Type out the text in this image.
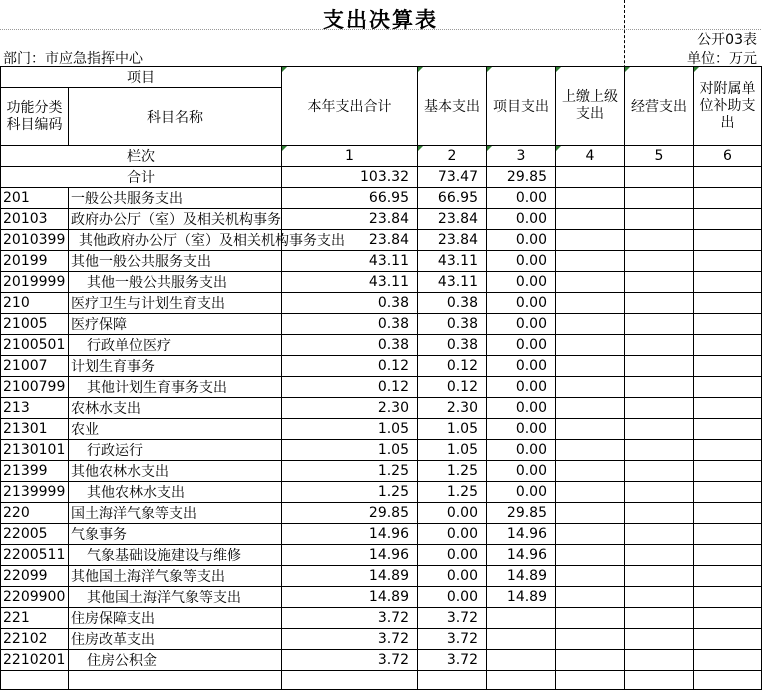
支出决算表
公开03表
部门：市应急指挥中心	单位：万元
项目		本年支出合计	基本支出	项目支出	上缴上级支出	经营支出	对附属单位补助支出
功能分类科目编码	科目名称						
栏次		1	2	3	4	5	6
合计		103.32	73.47	29.85			
201	一般公共服务支出	66.95	66.95	0.00			
20103	政府办公厅（室）及相关机构事务	23.84	23.84	0.00			
2010399	其他政府办公厅（室）及相关机构事务支出	23.84	23.84	0.00			
20199	其他一般公共服务支出	43.11	43.11	0.00			
2019999	其他一般公共服务支出	43.11	43.11	0.00			
210	医疗卫生与计划生育支出	0.38	0.38	0.00			
21005	医疗保障	0.38	0.38	0.00			
2100501	行政单位医疗	0.38	0.38	0.00			
21007	计划生育事务	0.12	0.12	0.00			
2100799	其他计划生育事务支出	0.12	0.12	0.00			
213	农林水支出	2.30	2.30	0.00			
21301	农业	1.05	1.05	0.00			
2130101	行政运行	1.05	1.05	0.00			
21399	其他农林水支出	1.25	1.25	0.00			
2139999	其他农林水支出	1.25	1.25	0.00			
220	国土海洋气象等支出	29.85	0.00	29.85			
22005	气象事务	14.96	0.00	14.96			
2200511	气象基础设施建设与维修	14.96	0.00	14.96			
22099	其他国土海洋气象等支出	14.89	0.00	14.89			
2209900	其他国土海洋气象等支出	14.89	0.00	14.89			
221	住房保障支出	3.72	3.72				
22102	住房改革支出	3.72	3.72				
2210201	住房公积金	3.72	3.72				
